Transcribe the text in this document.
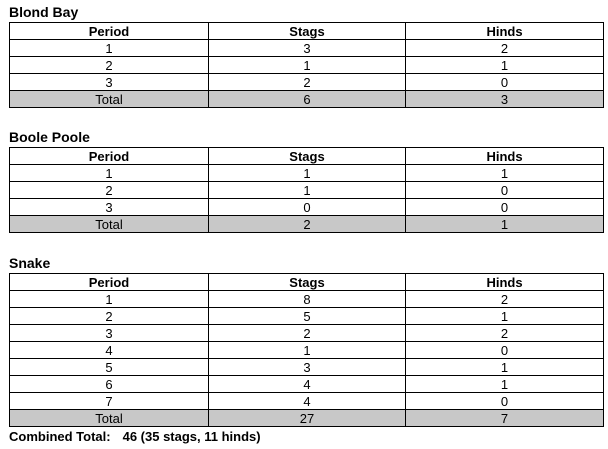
Blond Bay
Period	Stags	Hinds
1	3	2
2	1	1
3	2	0
Total	6	3
Boole Poole
Period	Stags	Hinds
1	1	1
2	1	0
3	0	0
Total	2	1
Snake
Period	Stags	Hinds
1	8	2
2	5	1
3	2	2
4	1	0
5	3	1
6	4	1
7	4	0
Total	27	7
Combined Total: 46 (35 stags, 11 hinds)
